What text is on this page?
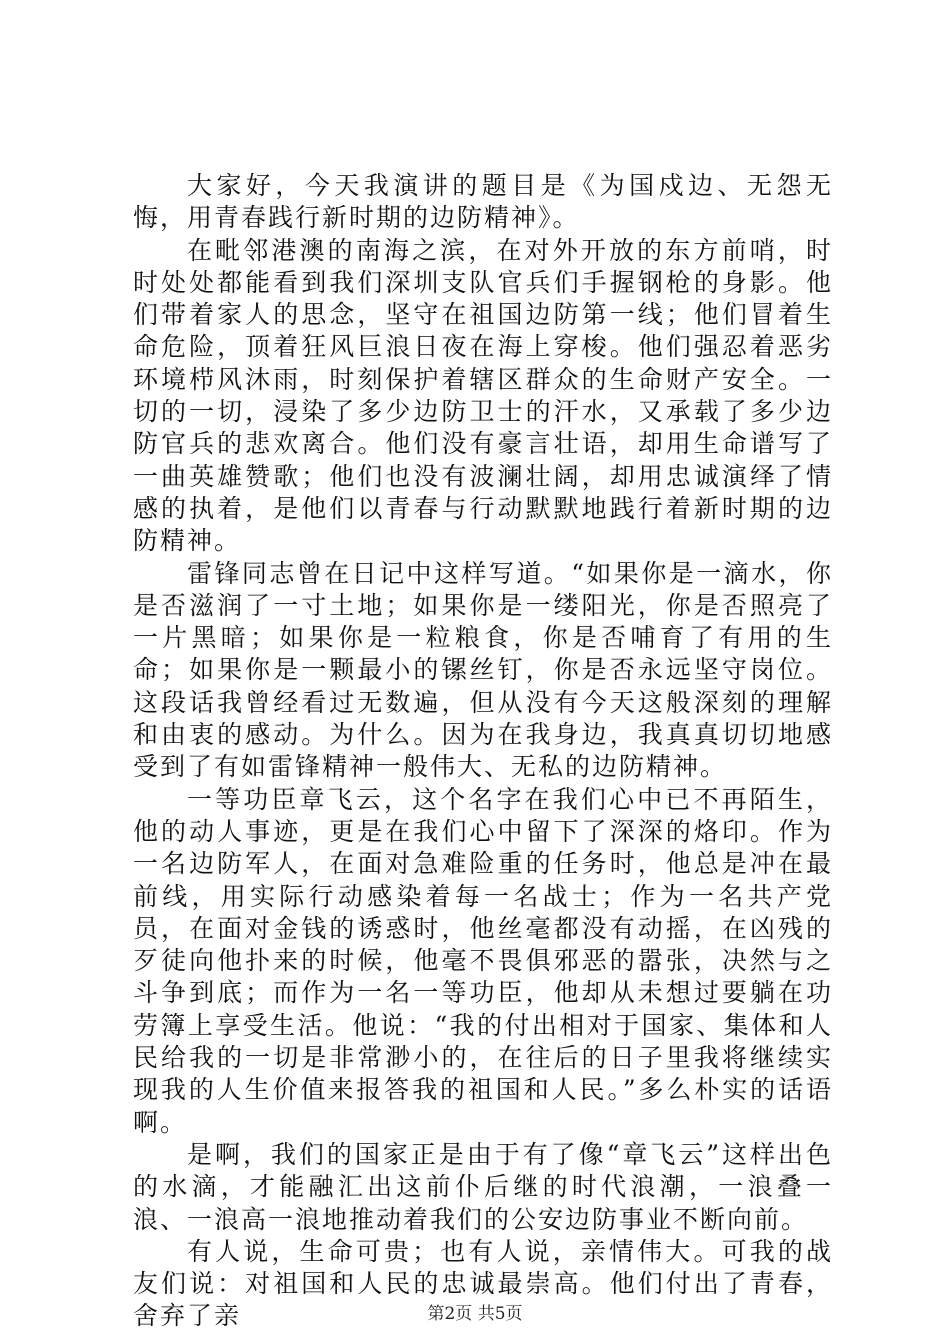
大家好，今天我演讲的题目是《为国戍边、无怨无悔，用青春践行新时期的边防精神》。

在毗邻港澳的南海之滨，在对外开放的东方前哨，时时处处都能看到我们深圳支队官兵们手握钢枪的身影。他们带着家人的思念，坚守在祖国边防第一线；他们冒着生命危险，顶着狂风巨浪日夜在海上穿梭。他们强忍着恶劣环境栉风沐雨，时刻保护着辖区群众的生命财产安全。一切的一切，浸染了多少边防卫士的汗水，又承载了多少边防官兵的悲欢离合。他们没有豪言壮语，却用生命谱写了一曲英雄赞歌；他们也没有波澜壮阔，却用忠诚演绎了情感的执着，是他们以青春与行动默默地践行着新时期的边防精神。

雷锋同志曾在日记中这样写道。“如果你是一滴水，你是否滋润了一寸土地；如果你是一缕阳光，你是否照亮了一片黑暗；如果你是一粒粮食，你是否哺育了有用的生命；如果你是一颗最小的镙丝钉，你是否永远坚守岗位。这段话我曾经看过无数遍，但从没有今天这般深刻的理解和由衷的感动。为什么。因为在我身边，我真真切切地感受到了有如雷锋精神一般伟大、无私的边防精神。

一等功臣章飞云，这个名字在我们心中已不再陌生，他的动人事迹，更是在我们心中留下了深深的烙印。作为一名边防军人，在面对急难险重的任务时，他总是冲在最前线，用实际行动感染着每一名战士；作为一名共产党员，在面对金钱的诱惑时，他丝毫都没有动摇，在凶残的歹徒向他扑来的时候，他毫不畏俱邪恶的嚣张，决然与之斗争到底；而作为一名一等功臣，他却从未想过要躺在功劳簿上享受生活。他说：“我的付出相对于国家、集体和人民给我的一切是非常渺小的，在往后的日子里我将继续实现我的人生价值来报答我的祖国和人民。”多么朴实的话语啊。

是啊，我们的国家正是由于有了像“章飞云”这样出色的水滴，才能融汇出这前仆后继的时代浪潮，一浪叠一浪、一浪高一浪地推动着我们的公安边防事业不断向前。

有人说，生命可贵；也有人说，亲情伟大。可我的战友们说：对祖国和人民的忠诚最崇高。他们付出了青春，舍弃了亲	第2页 共5页
